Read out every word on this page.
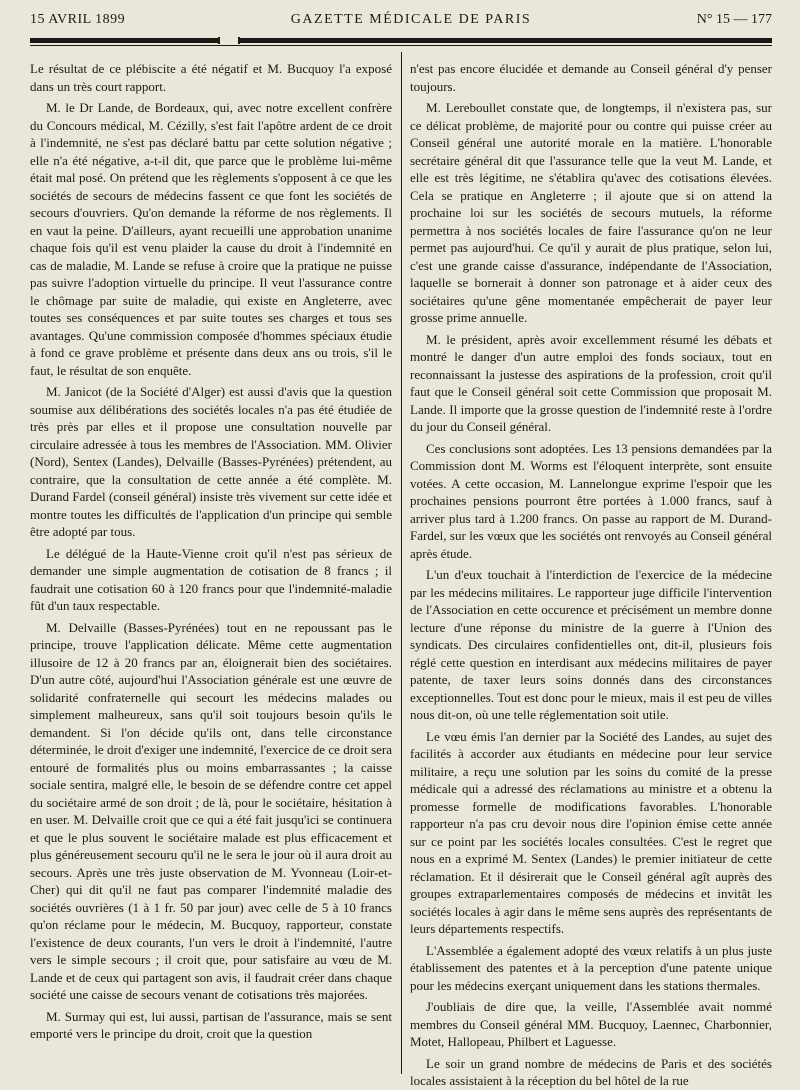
15 AVRIL 1899	GAZETTE MÉDICALE DE PARIS	N° 15 — 177

Le résultat de ce plébiscite a été négatif et M. Bucquoy l'a exposé dans un très court rapport.

M. le Dr Lande, de Bordeaux, qui, avec notre excellent confrère du Concours médical, M. Cézilly, s'est fait l'apôtre ardent de ce droit à l'indemnité, ne s'est pas déclaré battu par cette solution négative ; elle n'a été négative, a-t-il dit, que parce que le problème lui-même était mal posé. On prétend que les règlements s'opposent à ce que les sociétés de secours de médecins fassent ce que font les sociétés de secours d'ouvriers. Qu'on demande la réforme de nos règlements. Il en vaut la peine. D'ailleurs, ayant recueilli une approbation unanime chaque fois qu'il est venu plaider la cause du droit à l'indemnité en cas de maladie, M. Lande se refuse à croire que la pratique ne puisse pas suivre l'adoption virtuelle du principe. Il veut l'assurance contre le chômage par suite de maladie, qui existe en Angleterre, avec toutes ses conséquences et par suite toutes ses charges et tous ses avantages. Qu'une commission composée d'hommes spéciaux étudie à fond ce grave problème et présente dans deux ans ou trois, s'il le faut, le résultat de son enquête.

M. Janicot (de la Société d'Alger) est aussi d'avis que la question soumise aux délibérations des sociétés locales n'a pas été étudiée de très près par elles et il propose une consultation nouvelle par circulaire adressée à tous les membres de l'Association. MM. Olivier (Nord), Sentex (Landes), Delvaille (Basses-Pyrénées) prétendent, au contraire, que la consultation de cette année a été complète. M. Durand Fardel (conseil général) insiste très vivement sur cette idée et montre toutes les difficultés de l'application d'un principe qui semble être adopté par tous.

Le délégué de la Haute-Vienne croit qu'il n'est pas sérieux de demander une simple augmentation de cotisation de 8 francs ; il faudrait une cotisation 60 à 120 francs pour que l'indemnité-maladie fût d'un taux respectable.

M. Delvaille (Basses-Pyrénées) tout en ne repoussant pas le principe, trouve l'application délicate. Même cette augmentation illusoire de 12 à 20 francs par an, éloignerait bien des sociétaires. D'un autre côté, aujourd'hui l'Association générale est une œuvre de solidarité confraternelle qui secourt les médecins malades ou simplement malheureux, sans qu'il soit toujours besoin qu'ils le demandent. Si l'on décide qu'ils ont, dans telle circonstance déterminée, le droit d'exiger une indemnité, l'exercice de ce droit sera entouré de formalités plus ou moins embarrassantes ; la caisse sociale sentira, malgré elle, le besoin de se défendre contre cet appel du sociétaire armé de son droit ; de là, pour le sociétaire, hésitation à en user. M. Delvaille croit que ce qui a été fait jusqu'ici se continuera et que le plus souvent le sociétaire malade est plus efficacement et plus généreusement secouru qu'il ne le sera le jour où il aura droit au secours. Après une très juste observation de M. Yvonneau (Loir-et-Cher) qui dit qu'il ne faut pas comparer l'indemnité maladie des sociétés ouvrières (1 à 1 fr. 50 par jour) avec celle de 5 à 10 francs qu'on réclame pour le médecin, M. Bucquoy, rapporteur, constate l'existence de deux courants, l'un vers le droit à l'indemnité, l'autre vers le simple secours ; il croit que, pour satisfaire au vœu de M. Lande et de ceux qui partagent son avis, il faudrait créer dans chaque société une caisse de secours venant de cotisations très majorées.

M. Surmay qui est, lui aussi, partisan de l'assurance, mais se sent emporté vers le principe du droit, croit que la question

n'est pas encore élucidée et demande au Conseil général d'y penser toujours.

M. Lereboullet constate que, de longtemps, il n'existera pas, sur ce délicat problème, de majorité pour ou contre qui puisse créer au Conseil général une autorité morale en la matière. L'honorable secrétaire général dit que l'assurance telle que la veut M. Lande, et elle est très légitime, ne s'établira qu'avec des cotisations élevées. Cela se pratique en Angleterre ; il ajoute que si on attend la prochaine loi sur les sociétés de secours mutuels, la réforme permettra à nos sociétés locales de faire l'assurance qu'on ne leur permet pas aujourd'hui. Ce qu'il y aurait de plus pratique, selon lui, c'est une grande caisse d'assurance, indépendante de l'Association, laquelle se bornerait à donner son patronage et à aider ceux des sociétaires qu'une gêne momentanée empêcherait de payer leur grosse prime annuelle.

M. le président, après avoir excellemment résumé les débats et montré le danger d'un autre emploi des fonds sociaux, tout en reconnaissant la justesse des aspirations de la profession, croit qu'il faut que le Conseil général soit cette Commission que proposait M. Lande. Il importe que la grosse question de l'indemnité reste à l'ordre du jour du Conseil général.

Ces conclusions sont adoptées. Les 13 pensions demandées par la Commission dont M. Worms est l'éloquent interprète, sont ensuite votées. A cette occasion, M. Lannelongue exprime l'espoir que les prochaines pensions pourront être portées à 1.000 francs, sauf à arriver plus tard à 1.200 francs. On passe au rapport de M. Durand-Fardel, sur les vœux que les sociétés ont renvoyés au Conseil général après étude.

L'un d'eux touchait à l'interdiction de l'exercice de la médecine par les médecins militaires. Le rapporteur juge difficile l'intervention de l'Association en cette occurence et précisément un membre donne lecture d'une réponse du ministre de la guerre à l'Union des syndicats. Des circulaires confidentielles ont, dit-il, plusieurs fois réglé cette question en interdisant aux médecins militaires de payer patente, de taxer leurs soins donnés dans des circonstances exceptionnelles. Tout est donc pour le mieux, mais il est peu de villes nous dit-on, où une telle réglementation soit utile.

Le vœu émis l'an dernier par la Société des Landes, au sujet des facilités à accorder aux étudiants en médecine pour leur service militaire, a reçu une solution par les soins du comité de la presse médicale qui a adressé des réclamations au ministre et a obtenu la promesse formelle de modifications favorables. L'honorable rapporteur n'a pas cru devoir nous dire l'opinion émise cette année sur ce point par les sociétés locales consultées. C'est le regret que nous en a exprimé M. Sentex (Landes) le premier initiateur de cette réclamation. Et il désirerait que le Conseil général agît auprès des groupes extraparlementaires composés de médecins et invitât les sociétés locales à agir dans le même sens auprès des représentants de leurs départements respectifs.

L'Assemblée a également adopté des vœux relatifs à un plus juste établissement des patentes et à la perception d'une patente unique pour les médecins exerçant uniquement dans les stations thermales.

J'oubliais de dire que, la veille, l'Assemblée avait nommé membres du Conseil général MM. Bucquoy, Laennec, Charbonnier, Motet, Hallopeau, Philbert et Laguesse.

Le soir un grand nombre de médecins de Paris et des sociétés locales assistaient à la réception du bel hôtel de la rue
